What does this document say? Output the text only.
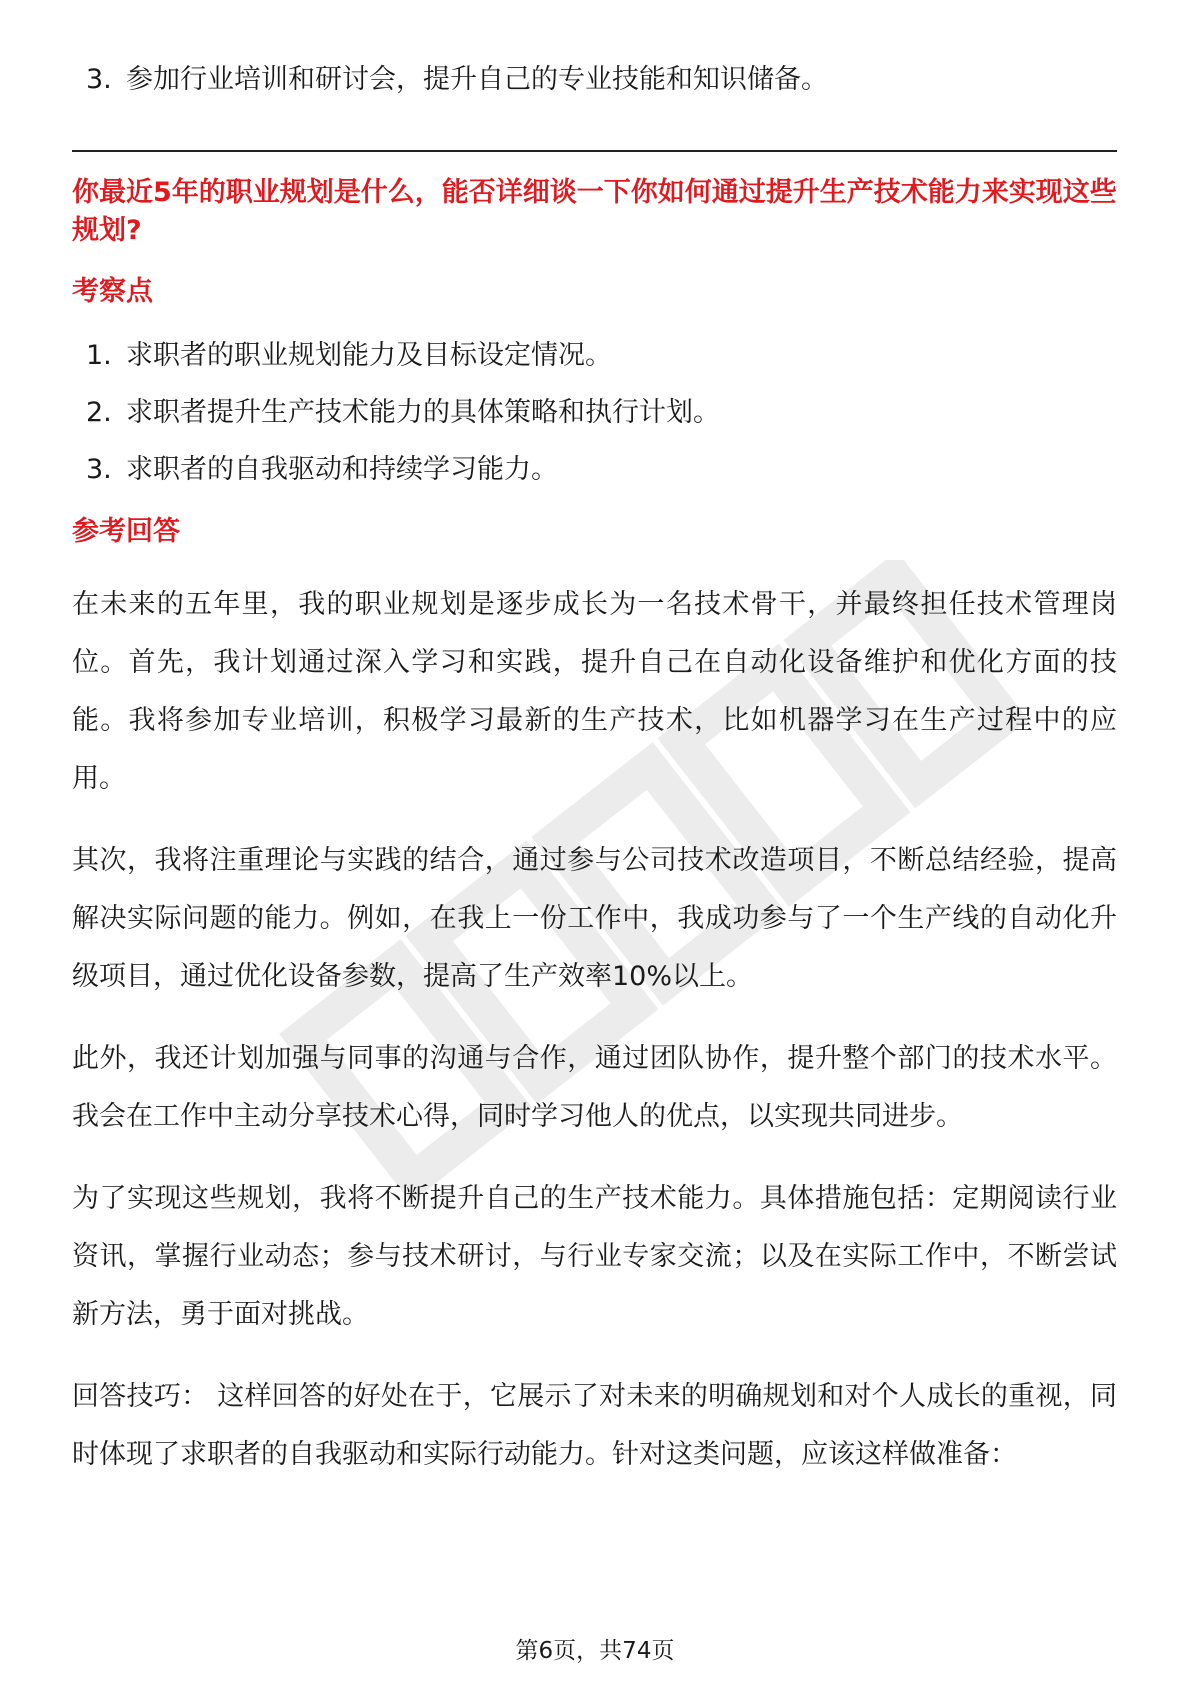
3. 参加行业培训和研讨会，提升自己的专业技能和知识储备。
你最近5年的职业规划是什么，能否详细谈一下你如何通过提升生产技术能力来实现这些规划?
考察点
1. 求职者的职业规划能力及目标设定情况。
2. 求职者提升生产技术能力的具体策略和执行计划。
3. 求职者的自我驱动和持续学习能力。
参考回答

在未来的五年里，我的职业规划是逐步成长为一名技术骨干，并最终担任技术管理岗位。首先，我计划通过深入学习和实践，提升自己在自动化设备维护和优化方面的技能。我将参加专业培训，积极学习最新的生产技术，比如机器学习在生产过程中的应用。

其次，我将注重理论与实践的结合，通过参与公司技术改造项目，不断总结经验，提高解决实际问题的能力。例如，在我上一份工作中，我成功参与了一个生产线的自动化升级项目，通过优化设备参数，提高了生产效率10%以上。

此外，我还计划加强与同事的沟通与合作，通过团队协作，提升整个部门的技术水平。我会在工作中主动分享技术心得，同时学习他人的优点，以实现共同进步。

为了实现这些规划，我将不断提升自己的生产技术能力。具体措施包括：定期阅读行业资讯，掌握行业动态；参与技术研讨，与行业专家交流；以及在实际工作中，不断尝试新方法，勇于面对挑战。

回答技巧： 这样回答的好处在于，它展示了对未来的明确规划和对个人成长的重视，同时体现了求职者的自我驱动和实际行动能力。针对这类问题，应该这样做准备：

第6页，共74页
